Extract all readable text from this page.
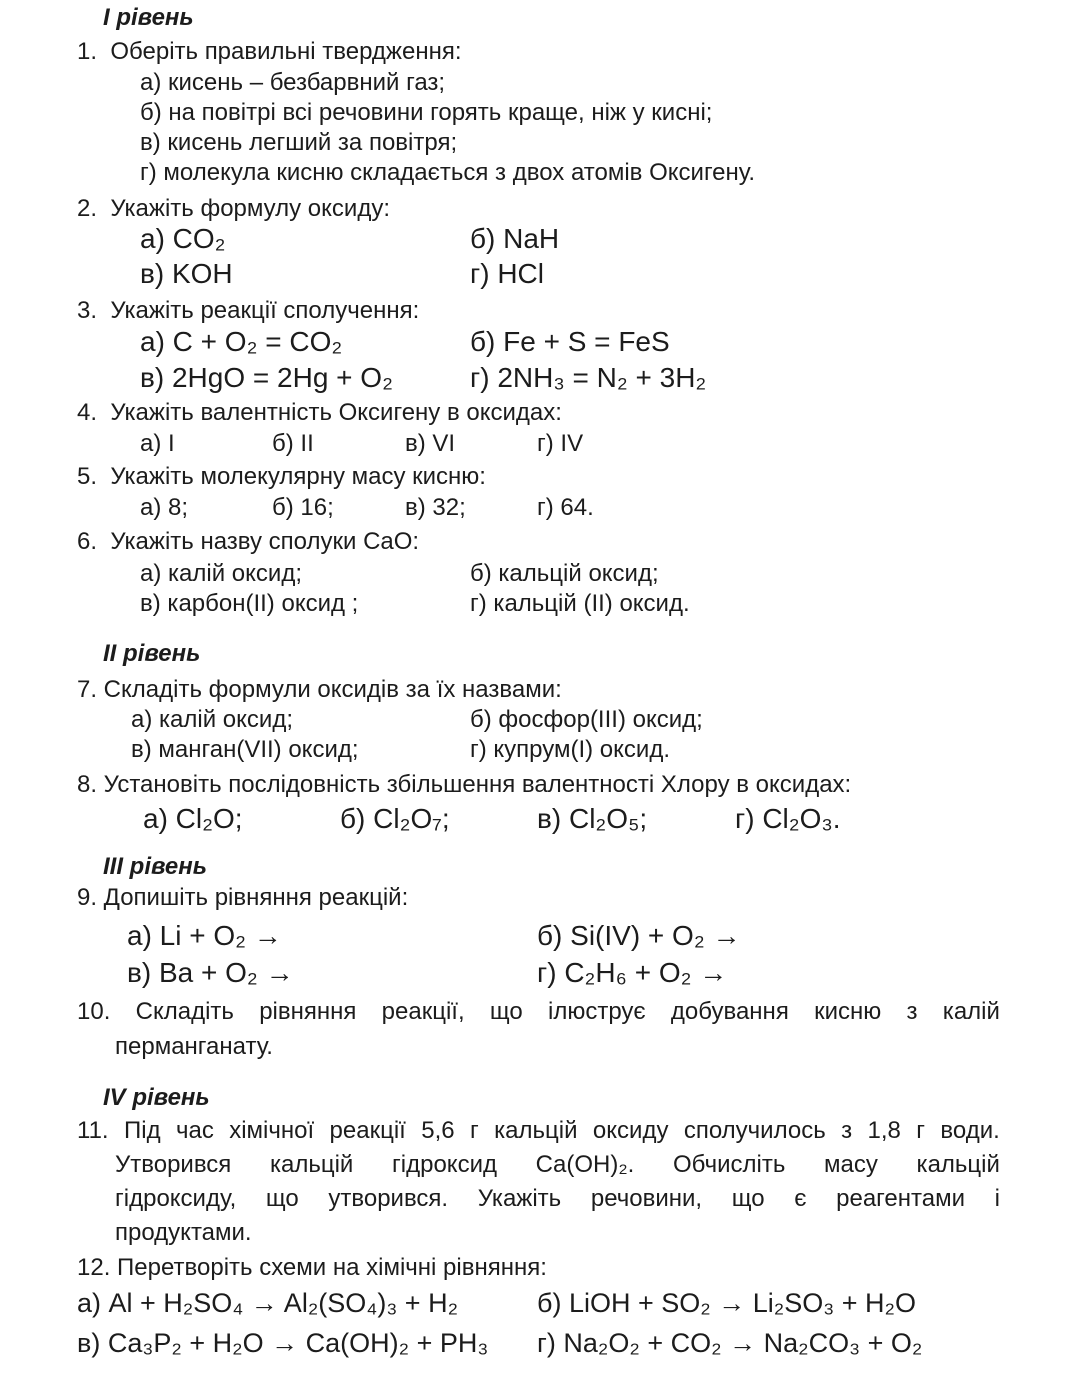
І рівень
1.  Оберіть правильні твердження:
а) кисень – безбарвний газ;
б) на повітрі всі речовини горять краще, ніж у кисні;
в) кисень легший за повітря;
г) молекула кисню складається з двох атомів Оксигену.
2.  Укажіть формулу оксиду:
а) CO₂	б) NaH
в) KOH	г) HCl
3.  Укажіть реакції сполучення:
а) C + O₂ = CO₂	б) Fe + S = FeS
в) 2HgO = 2Hg + O₂	г) 2NH₃ = N₂ + 3H₂
4.  Укажіть валентність Оксигену в оксидах:
а) І	б) ІІ	в) VІ	г) ІV
5.  Укажіть молекулярну масу кисню:
а) 8;	б) 16;	в) 32;	г) 64.
6.  Укажіть назву сполуки CaO:
а) калій оксид;	б) кальцій оксид;
в) карбон(ІІ) оксид ;	г) кальцій (ІІ) оксид.
ІІ рівень
7. Складіть формули оксидів за їх назвами:
а) калій оксид;	б) фосфор(ІІІ) оксид;
в) манган(VІІ) оксид;	г) купрум(І) оксид.
8. Установіть послідовність збільшення валентності Хлору в оксидах:
а) Cl₂O;	б) Cl₂O₇;	в) Cl₂O₅;	г) Cl₂O₃.
ІІІ рівень
9. Допишіть рівняння реакцій:
а) Li + O₂ →	б) Si(IV) + O₂ →
в) Ba + O₂ →	г) C₂H₆ + O₂ →
10. Складіть рівняння реакції, що ілюструє добування кисню з калій
перманганату.
ІV рівень
11. Під час хімічної реакції 5,6 г кальцій оксиду сполучилось з 1,8 г води.
Утворився кальцій гідроксид Ca(OH)₂. Обчисліть масу кальцій
гідроксиду, що утворився. Укажіть речовини, що є реагентами і
продуктами.
12. Перетворіть схеми на хімічні рівняння:
а) Al + H₂SO₄ → Al₂(SO₄)₃ + H₂	б) LiOH + SO₂ → Li₂SO₃ + H₂O
в) Ca₃P₂ + H₂O → Ca(OH)₂ + PH₃ г) Na₂O₂ + CO₂ → Na₂CO₃ + O₂
